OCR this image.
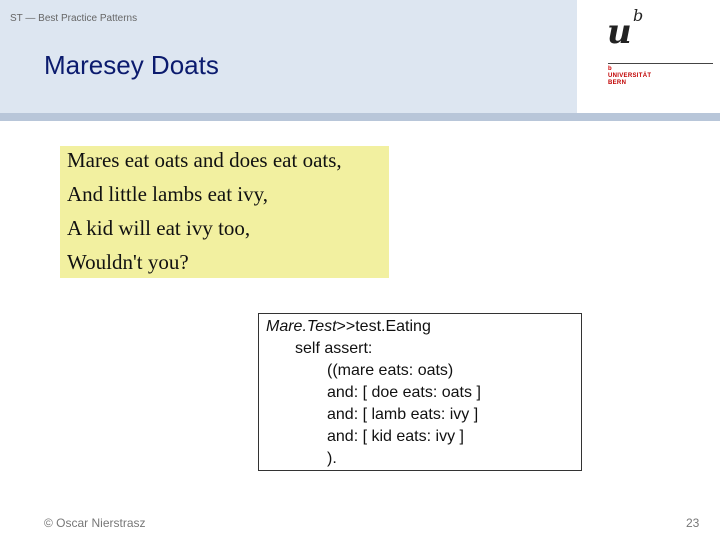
ST — Best Practice Patterns
Maresey Doats
u b
b
UNIVERSITÄT
BERN
Mares eat oats and does eat oats,
And little lambs eat ivy,
A kid will eat ivy too,
Wouldn't you?
Mare.Test>>test.Eating
self assert:
((mare eats: oats)
and: [ doe eats: oats ]
and: [ lamb eats: ivy ]
and: [ kid eats: ivy ]
).
© Oscar Nierstrasz	23
